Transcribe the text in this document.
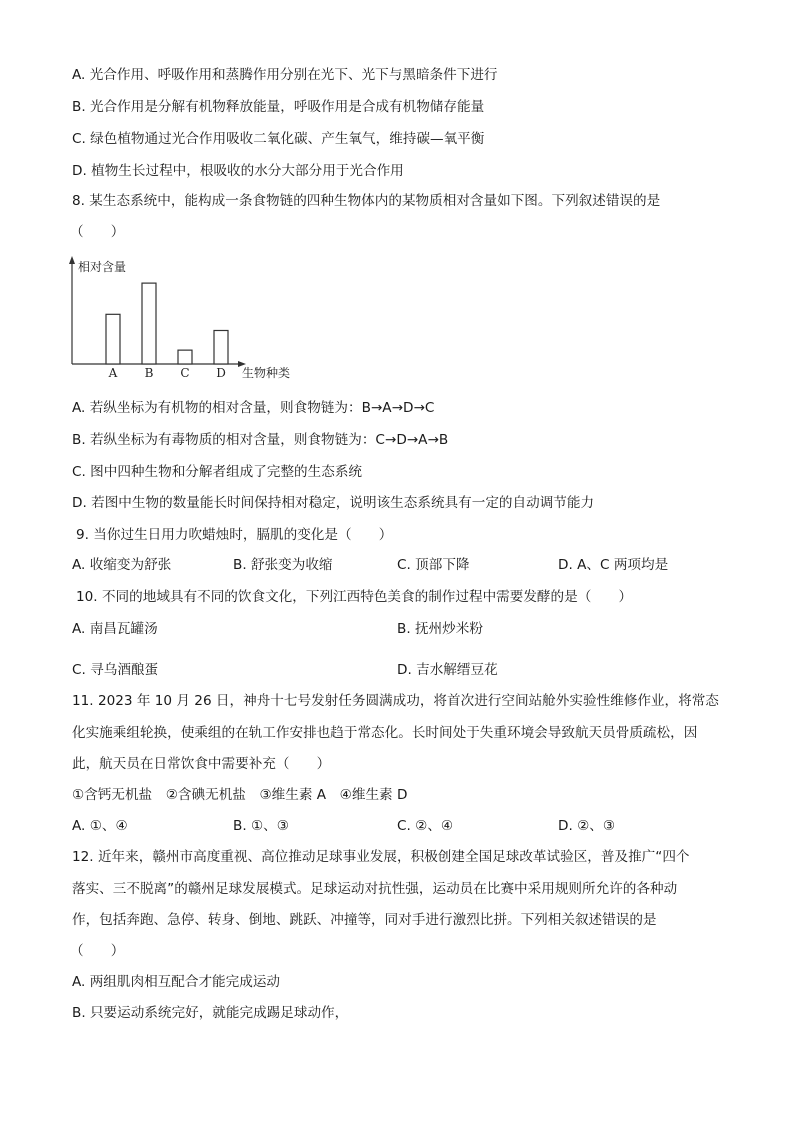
A. 光合作用、呼吸作用和蒸腾作用分别在光下、光下与黑暗条件下进行
B. 光合作用是分解有机物释放能量，呼吸作用是合成有机物储存能量
C. 绿色植物通过光合作用吸收二氧化碳、产生氧气，维持碳—氧平衡
D. 植物生长过程中，根吸收的水分大部分用于光合作用
8. 某生态系统中，能构成一条食物链的四种生物体内的某物质相对含量如下图。下列叙述错误的是
（　　）
A B C D
相对含量
生物种类
A. 若纵坐标为有机物的相对含量，则食物链为：B→A→D→C
B. 若纵坐标为有毒物质的相对含量，则食物链为：C→D→A→B
C. 图中四种生物和分解者组成了完整的生态系统
D. 若图中生物的数量能长时间保持相对稳定，说明该生态系统具有一定的自动调节能力
9. 当你过生日用力吹蜡烛时，膈肌的变化是（　　）
A. 收缩变为舒张	B. 舒张变为收缩	C. 顶部下降	D. A、C 两项均是
10. 不同的地域具有不同的饮食文化，下列江西特色美食的制作过程中需要发酵的是（　　）
A. 南昌瓦罐汤	B. 抚州炒米粉
C. 寻乌酒酿蛋	D. 吉水解缙豆花
11. 2023 年 10 月 26 日，神舟十七号发射任务圆满成功，将首次进行空间站舱外实验性维修作业，将常态
化实施乘组轮换，使乘组的在轨工作安排也趋于常态化。长时间处于失重环境会导致航天员骨质疏松，因
此，航天员在日常饮食中需要补充（　　）
①含钙无机盐　②含碘无机盐　③维生素 A　④维生素 D
A. ①、④	B. ①、③	C. ②、④	D. ②、③
12. 近年来，赣州市高度重视、高位推动足球事业发展，积极创建全国足球改革试验区，普及推广“四个
落实、三不脱离”的赣州足球发展模式。足球运动对抗性强，运动员在比赛中采用规则所允许的各种动
作，包括奔跑、急停、转身、倒地、跳跃、冲撞等，同对手进行激烈比拼。下列相关叙述错误的是
（　　）
A. 两组肌肉相互配合才能完成运动
B. 只要运动系统完好，就能完成踢足球动作，
